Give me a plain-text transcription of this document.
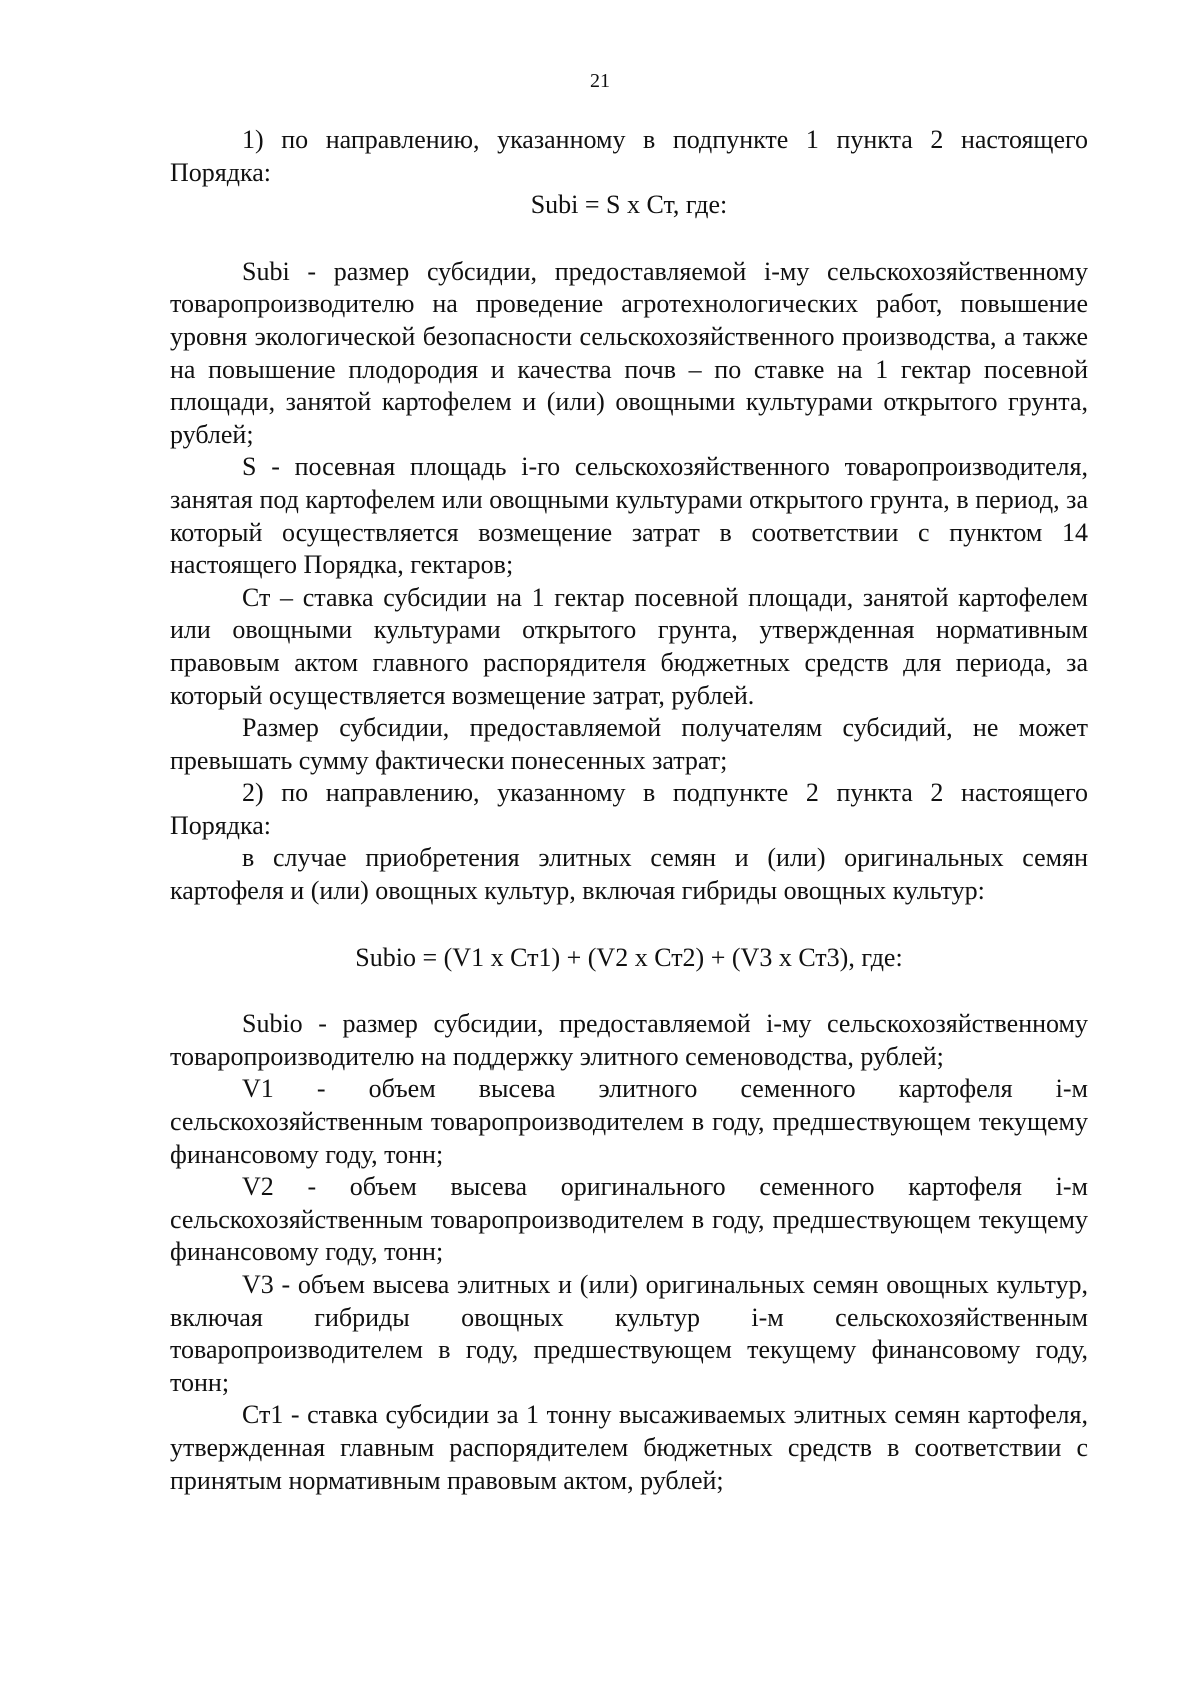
21

1) по направлению, указанному в подпункте 1 пункта 2 настоящего Порядка:

Subi = S x Ст, где:

Subi - размер субсидии, предоставляемой i-му сельскохозяйственному товаропроизводителю на проведение агротехнологических работ, повышение уровня экологической безопасности сельскохозяйственного производства, а также на повышение плодородия и качества почв – по ставке на 1 гектар посевной площади, занятой картофелем и (или) овощными культурами открытого грунта, рублей;

S - посевная площадь i-го сельскохозяйственного товаропроизводителя, занятая под картофелем или овощными культурами открытого грунта, в период, за который осуществляется возмещение затрат в соответствии с пунктом 14 настоящего Порядка, гектаров;

Ст – ставка субсидии на 1 гектар посевной площади, занятой картофелем или овощными культурами открытого грунта, утвержденная нормативным правовым актом главного распорядителя бюджетных средств для периода, за который осуществляется возмещение затрат, рублей.

Размер субсидии, предоставляемой получателям субсидий, не может превышать сумму фактически понесенных затрат;

2) по направлению, указанному в подпункте 2 пункта 2 настоящего Порядка:

в случае приобретения элитных семян и (или) оригинальных семян картофеля и (или) овощных культур, включая гибриды овощных культур:

Subio = (V1 x Ст1) + (V2 x Ст2) + (V3 x Ст3), где:

Subio - размер субсидии, предоставляемой i-му сельскохозяйственному товаропроизводителю на поддержку элитного семеноводства, рублей;

V1 - объем высева элитного семенного картофеля i-м сельскохозяйственным товаропроизводителем в году, предшествующем текущему финансовому году, тонн;

V2 - объем высева оригинального семенного картофеля i-м сельскохозяйственным товаропроизводителем в году, предшествующем текущему финансовому году, тонн;

V3 - объем высева элитных и (или) оригинальных семян овощных культур, включая гибриды овощных культур i-м сельскохозяйственным товаропроизводителем в году, предшествующем текущему финансовому году, тонн;

Ст1 - ставка субсидии за 1 тонну высаживаемых элитных семян картофеля, утвержденная главным распорядителем бюджетных средств в соответствии с принятым нормативным правовым актом, рублей;
